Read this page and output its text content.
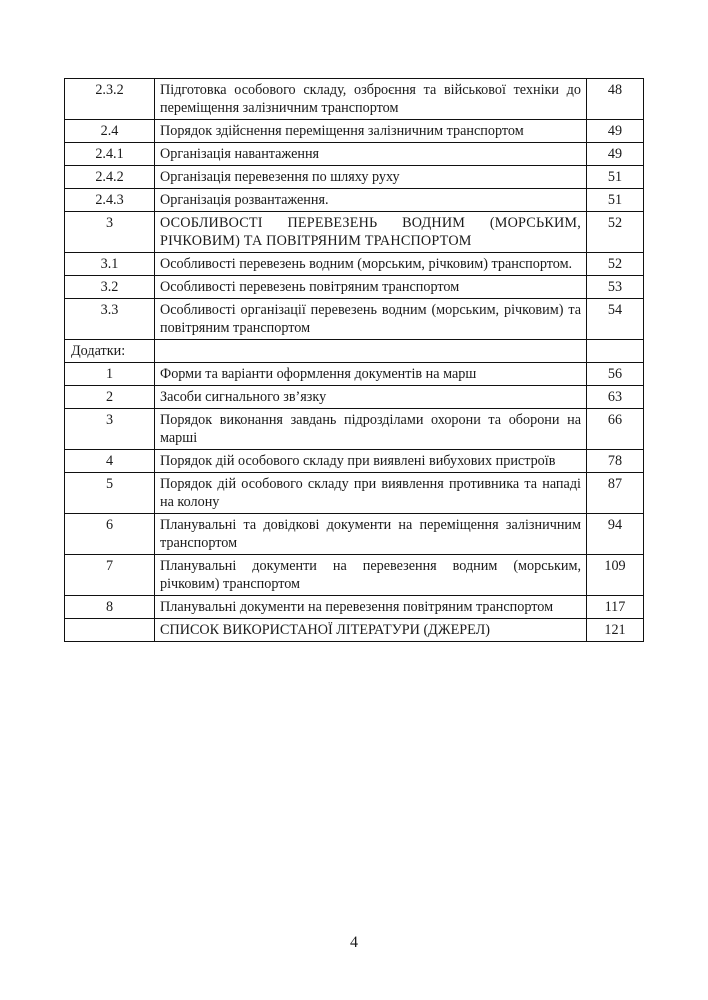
2.3.2	Підготовка особового складу, озброєння та військової техніки до переміщення залізничним транспортом	48
2.4	Порядок здійснення переміщення залізничним транспортом	49
2.4.1	Організація навантаження	49
2.4.2	Організація перевезення по шляху руху	51
2.4.3	Організація розвантаження.	51
3	ОСОБЛИВОСТІ ПЕРЕВЕЗЕНЬ ВОДНИМ (МОРСЬКИМ, РІЧКОВИМ) ТА ПОВІТРЯНИМ ТРАНСПОРТОМ	52
3.1	Особливості перевезень водним (морським, річковим) транспортом.	52
3.2	Особливості перевезень повітряним транспортом	53
3.3	Особливості організації перевезень водним (морським, річковим) та повітряним транспортом	54
Додатки:		
1	Форми та варіанти оформлення документів на марш	56
2	Засоби сигнального зв’язку	63
3	Порядок виконання завдань підрозділами охорони та оборони на марші	66
4	Порядок дій особового складу при виявлені вибухових пристроїв	78
5	Порядок дій особового складу при виявлення противника та нападі на колону	87
6	Планувальні та довідкові документи на переміщення залізничним транспортом	94
7	Планувальні документи на перевезення водним (морським, річковим) транспортом	109
8	Планувальні документи на перевезення повітряним транспортом	117
	СПИСОК ВИКОРИСТАНОЇ ЛІТЕРАТУРИ (ДЖЕРЕЛ)	121
4
